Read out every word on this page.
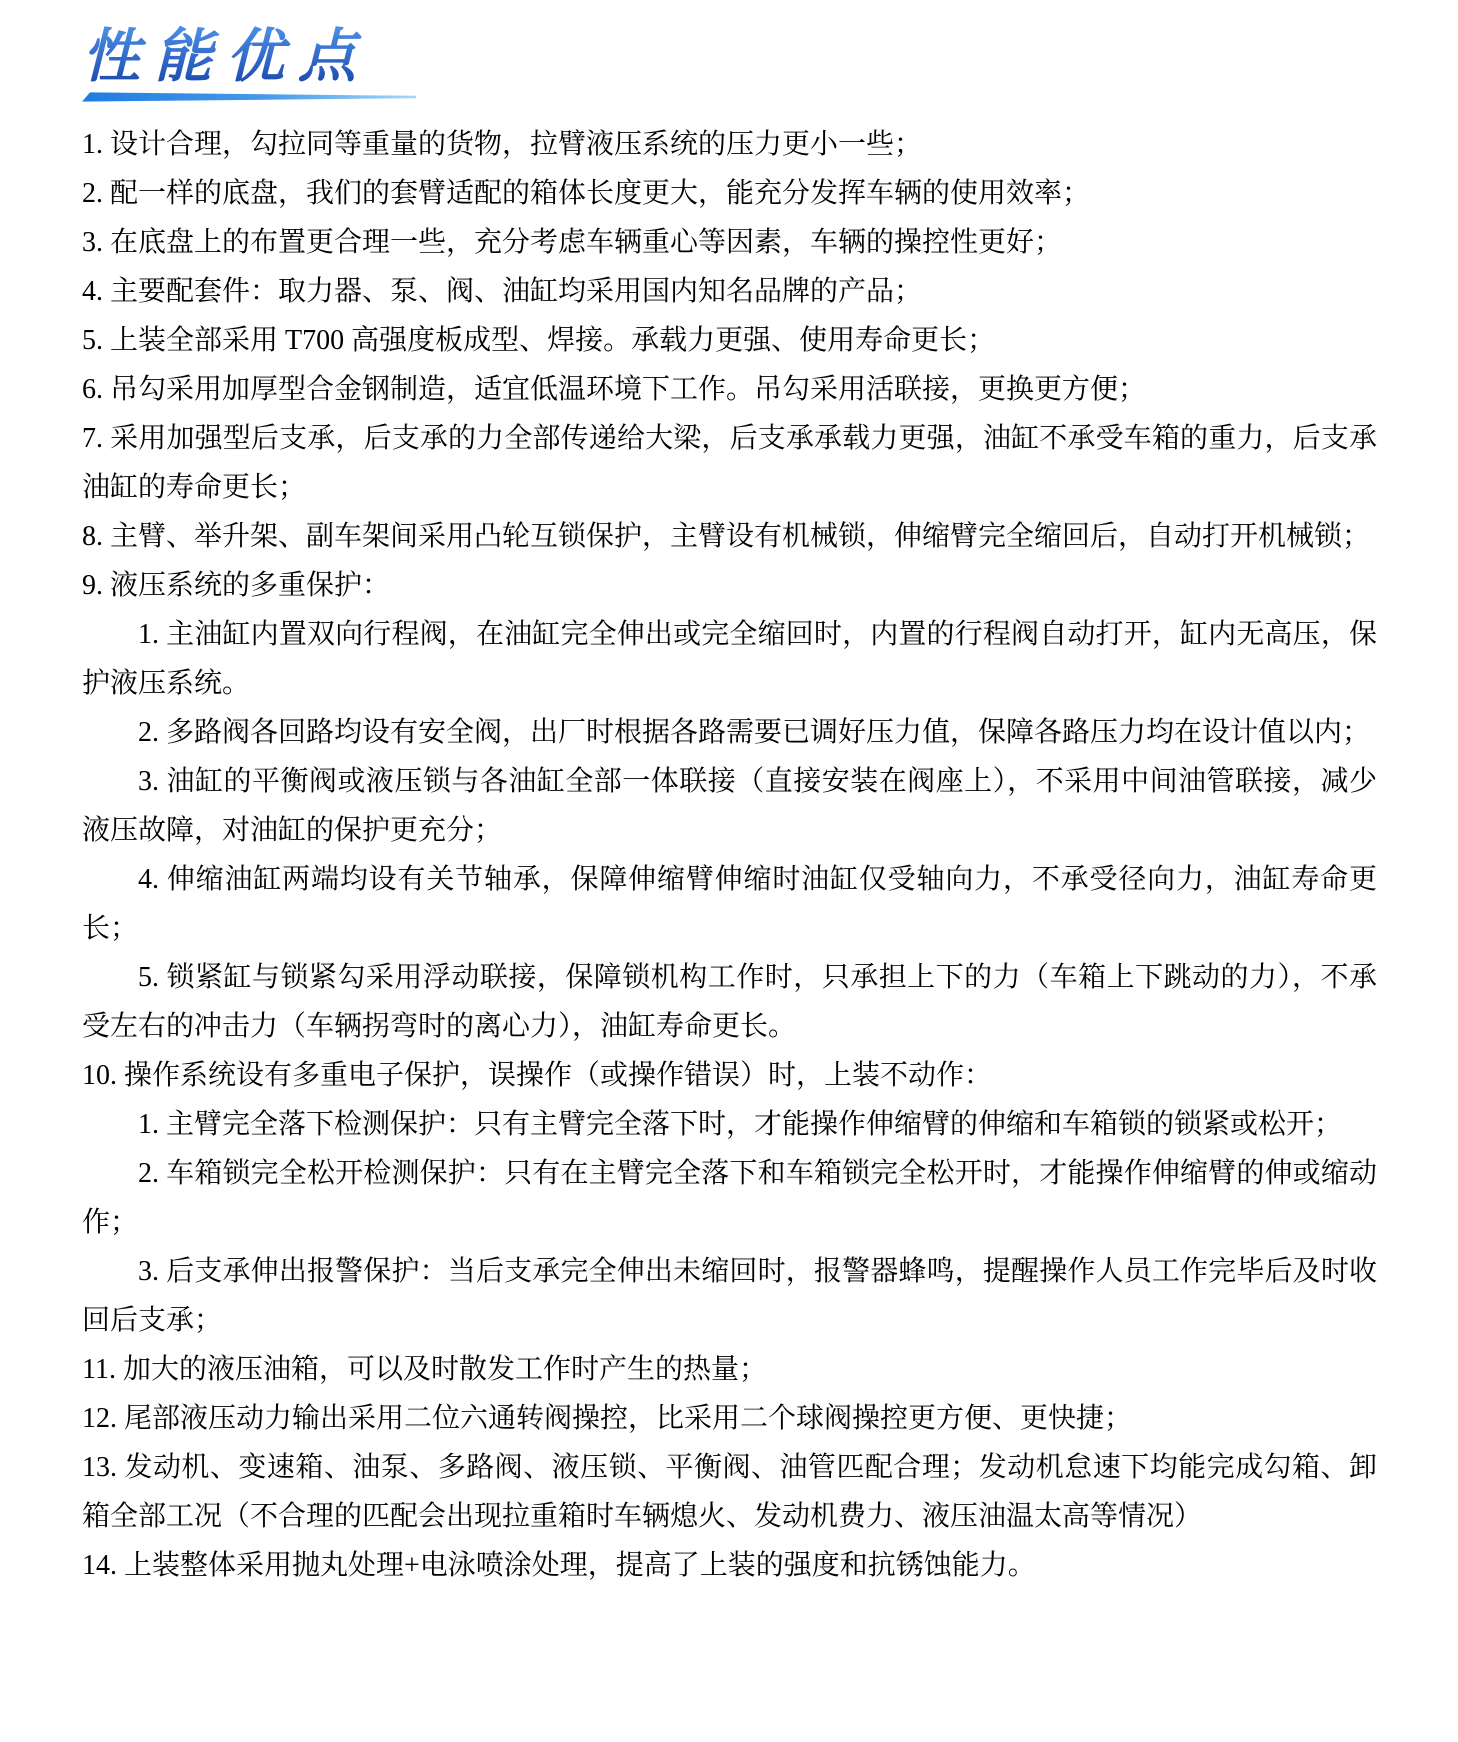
性能优点

1. 设计合理，勾拉同等重量的货物，拉臂液压系统的压力更小一些；

2. 配一样的底盘，我们的套臂适配的箱体长度更大，能充分发挥车辆的使用效率；

3. 在底盘上的布置更合理一些，充分考虑车辆重心等因素，车辆的操控性更好；

4. 主要配套件：取力器、泵、阀、油缸均采用国内知名品牌的产品；

5. 上装全部采用 T700 高强度板成型、焊接。承载力更强、使用寿命更长；

6. 吊勾采用加厚型合金钢制造，适宜低温环境下工作。吊勾采用活联接，更换更方便；

7. 采用加强型后支承，后支承的力全部传递给大梁，后支承承载力更强，油缸不承受车箱的重力，后支承油缸的寿命更长；

8. 主臂、举升架、副车架间采用凸轮互锁保护，主臂设有机械锁，伸缩臂完全缩回后，自动打开机械锁；

9. 液压系统的多重保护：

1. 主油缸内置双向行程阀，在油缸完全伸出或完全缩回时，内置的行程阀自动打开，缸内无高压，保护液压系统。

2. 多路阀各回路均设有安全阀，出厂时根据各路需要已调好压力值，保障各路压力均在设计值以内；

3. 油缸的平衡阀或液压锁与各油缸全部一体联接（直接安装在阀座上），不采用中间油管联接，减少液压故障，对油缸的保护更充分；

4. 伸缩油缸两端均设有关节轴承，保障伸缩臂伸缩时油缸仅受轴向力，不承受径向力，油缸寿命更长；

5. 锁紧缸与锁紧勾采用浮动联接，保障锁机构工作时，只承担上下的力（车箱上下跳动的力），不承受左右的冲击力（车辆拐弯时的离心力），油缸寿命更长。

10. 操作系统设有多重电子保护，误操作（或操作错误）时，上装不动作：

1. 主臂完全落下检测保护：只有主臂完全落下时，才能操作伸缩臂的伸缩和车箱锁的锁紧或松开；

2. 车箱锁完全松开检测保护：只有在主臂完全落下和车箱锁完全松开时，才能操作伸缩臂的伸或缩动作；

3. 后支承伸出报警保护：当后支承完全伸出未缩回时，报警器蜂鸣，提醒操作人员工作完毕后及时收回后支承；

11. 加大的液压油箱，可以及时散发工作时产生的热量；

12. 尾部液压动力输出采用二位六通转阀操控，比采用二个球阀操控更方便、更快捷；

13. 发动机、变速箱、油泵、多路阀、液压锁、平衡阀、油管匹配合理；发动机怠速下均能完成勾箱、卸箱全部工况（不合理的匹配会出现拉重箱时车辆熄火、发动机费力、液压油温太高等情况）

14. 上装整体采用抛丸处理+电泳喷涂处理，提高了上装的强度和抗锈蚀能力。
